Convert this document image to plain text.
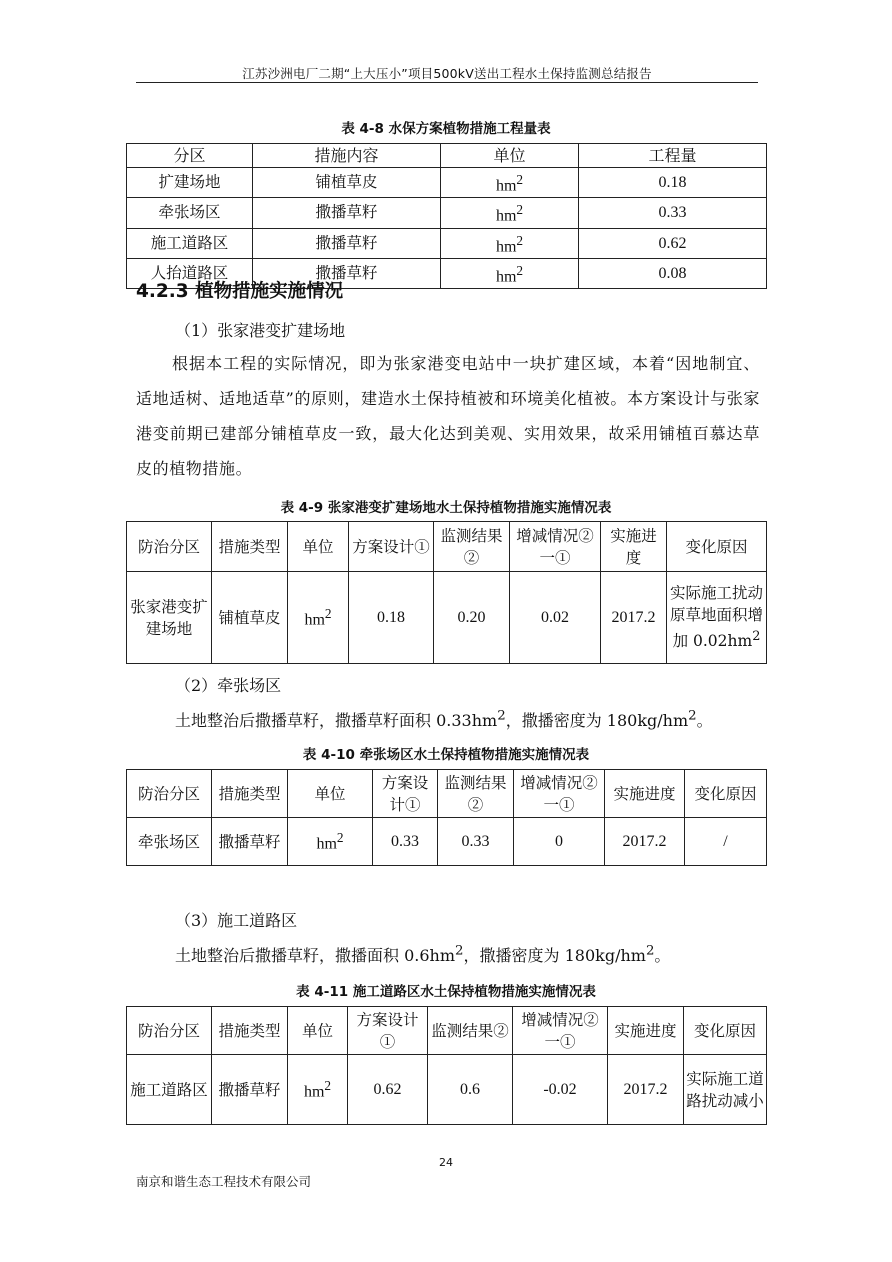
江苏沙洲电厂二期“上大压小”项目500kV送出工程水土保持监测总结报告
表 4-8 水保方案植物措施工程量表
分区	措施内容	单位	工程量
扩建场地	铺植草皮	$hm^2$	0.18
牵张场区	撒播草籽	$hm^2$	0.33
施工道路区	撒播草籽	$hm^2$	0.62
人抬道路区	撒播草籽	$hm^2$	0.08
4.2.3 植物措施实施情况
（1）张家港变扩建场地
根据本工程的实际情况，即为张家港变电站中一块扩建区域，本着“因地制宜、适地适树、适地适草”的原则，建造水土保持植被和环境美化植被。本方案设计与张家港变前期已建部分铺植草皮一致，最大化达到美观、实用效果，故采用铺植百慕达草皮的植物措施。
表 4-9 张家港变扩建场地水土保持植物措施实施情况表
防治分区	措施类型	单位	方案设计①	监测结果②	增减情况②一①	实施进度	变化原因
张家港变扩建场地	铺植草皮	$hm^2$	0.18	0.20	0.02	2017.2	实际施工扰动原草地面积增加 $0.02hm^2$
（2）牵张场区
土地整治后撒播草籽，撒播草籽面积 $0.33hm^2$，撒播密度为 $180kg/hm^2$。
表 4-10 牵张场区水土保持植物措施实施情况表
防治分区	措施类型	单位	方案设计①	监测结果②	增减情况②一①	实施进度	变化原因
牵张场区	撒播草籽	$hm^2$	0.33	0.33	0	2017.2	/
（3）施工道路区
土地整治后撒播草籽，撒播面积 $0.6hm^2$，撒播密度为 $180kg/hm^2$。
表 4-11 施工道路区水土保持植物措施实施情况表
防治分区	措施类型	单位	方案设计①	监测结果②	增减情况②一①	实施进度	变化原因
施工道路区	撒播草籽	$hm^2$	0.62	0.6	-0.02	2017.2	实际施工道路扰动减小
24
南京和谐生态工程技术有限公司
